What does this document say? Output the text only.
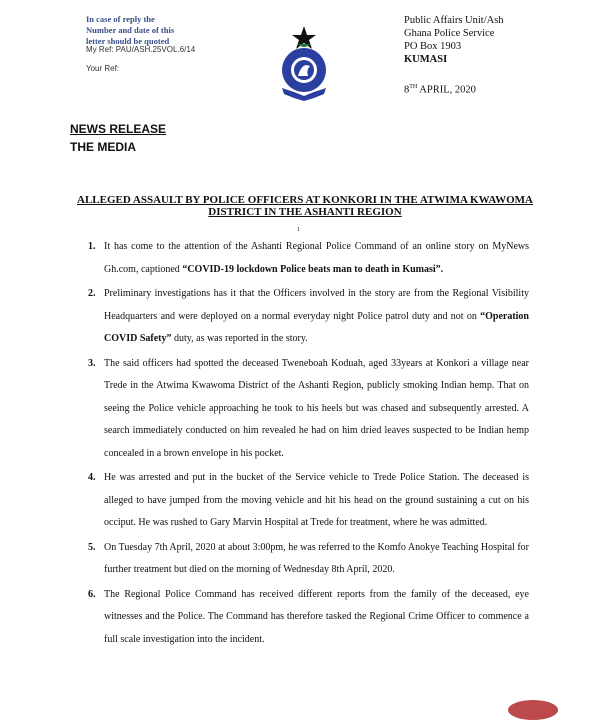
In case of reply the
Number and date of this
letter should be quoted
My Ref: PAU/ASH.25VOL.6/14
Your Ref:
Public Affairs Unit/Ash
Ghana Police Service
PO Box 1903
KUMASI
8TH APRIL, 2020
NEWS RELEASE
THE MEDIA
ALLEGED ASSAULT BY POLICE OFFICERS AT KONKORI IN THE ATWIMA KWAWOMA
DISTRICT IN THE ASHANTI REGION
1
1. It has come to the attention of the Ashanti Regional Police Command of an online story on MyNews Gh.com, captioned “COVID-19 lockdown Police beats man to death in Kumasi”.
2. Preliminary investigations has it that the Officers involved in the story are from the Regional Visibility Headquarters and were deployed on a normal everyday night Police patrol duty and not on “Operation COVID Safety” duty, as was reported in the story.
3. The said officers had spotted the deceased Tweneboah Koduah, aged 33years at Konkori a village near Trede in the Atwima Kwawoma District of the Ashanti Region, publicly smoking Indian hemp. That on seeing the Police vehicle approaching he took to his heels but was chased and subsequently arrested. A search immediately conducted on him revealed he had on him dried leaves suspected to be Indian hemp concealed in a brown envelope in his pocket.
4. He was arrested and put in the bucket of the Service vehicle to Trede Police Station. The deceased is alleged to have jumped from the moving vehicle and hit his head on the ground sustaining a cut on his occiput. He was rushed to Gary Marvin Hospital at Trede for treatment, where he was admitted.
5. On Tuesday 7th April, 2020 at about 3:00pm, he was referred to the Komfo Anokye Teaching Hospital for further treatment but died on the morning of Wednesday 8th April, 2020.
6. The Regional Police Command has received different reports from the family of the deceased, eye witnesses and the Police. The Command has therefore tasked the Regional Crime Officer to commence a full scale investigation into the incident.
